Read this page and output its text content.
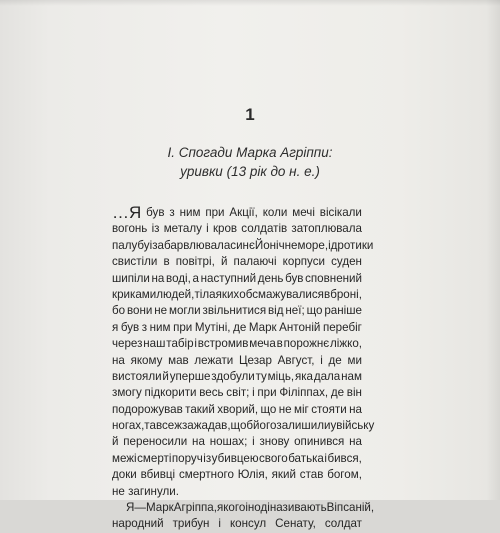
1
І. Спогади Марка Агріппи:
уривки (13 рік до н. е.)
…Я був з ним при Акції, коли мечі вісікали
вогонь із металу і кров солдатів затоплювала
палубу і забарвлювала синє Йонічне море, і дротики
свистіли в повітрі, й палаючі корпуси суден
шипіли на воді, а наступний день був сповнений
криками людей, тіла яких обсмажувалися в броні,
бо вони не могли звільнитися від неї; що раніше
я був з ним при Мутіні, де Марк Антоній перебіг
через наш табір і встромив меча в порожнє ліжко,
на якому мав лежати Цезар Август, і де ми
вистояли й уперше здобули ту міць, яка дала нам
змогу підкорити весь світ; і при Філіппах, де він
подорожував такий хворий, що не міг стояти на
ногах, та все ж зажадав, щоб його залишили у війську
й переносили на ношах; і знову опинився на
межі смерті поруч із убивцею свого батька і бився,
доки вбивці смертного Юлія, який став богом,
не загинули.
Я — Марк Агріппа, якого іноді називають Віпсаній,
народний трибун і консул Сенату, солдат
